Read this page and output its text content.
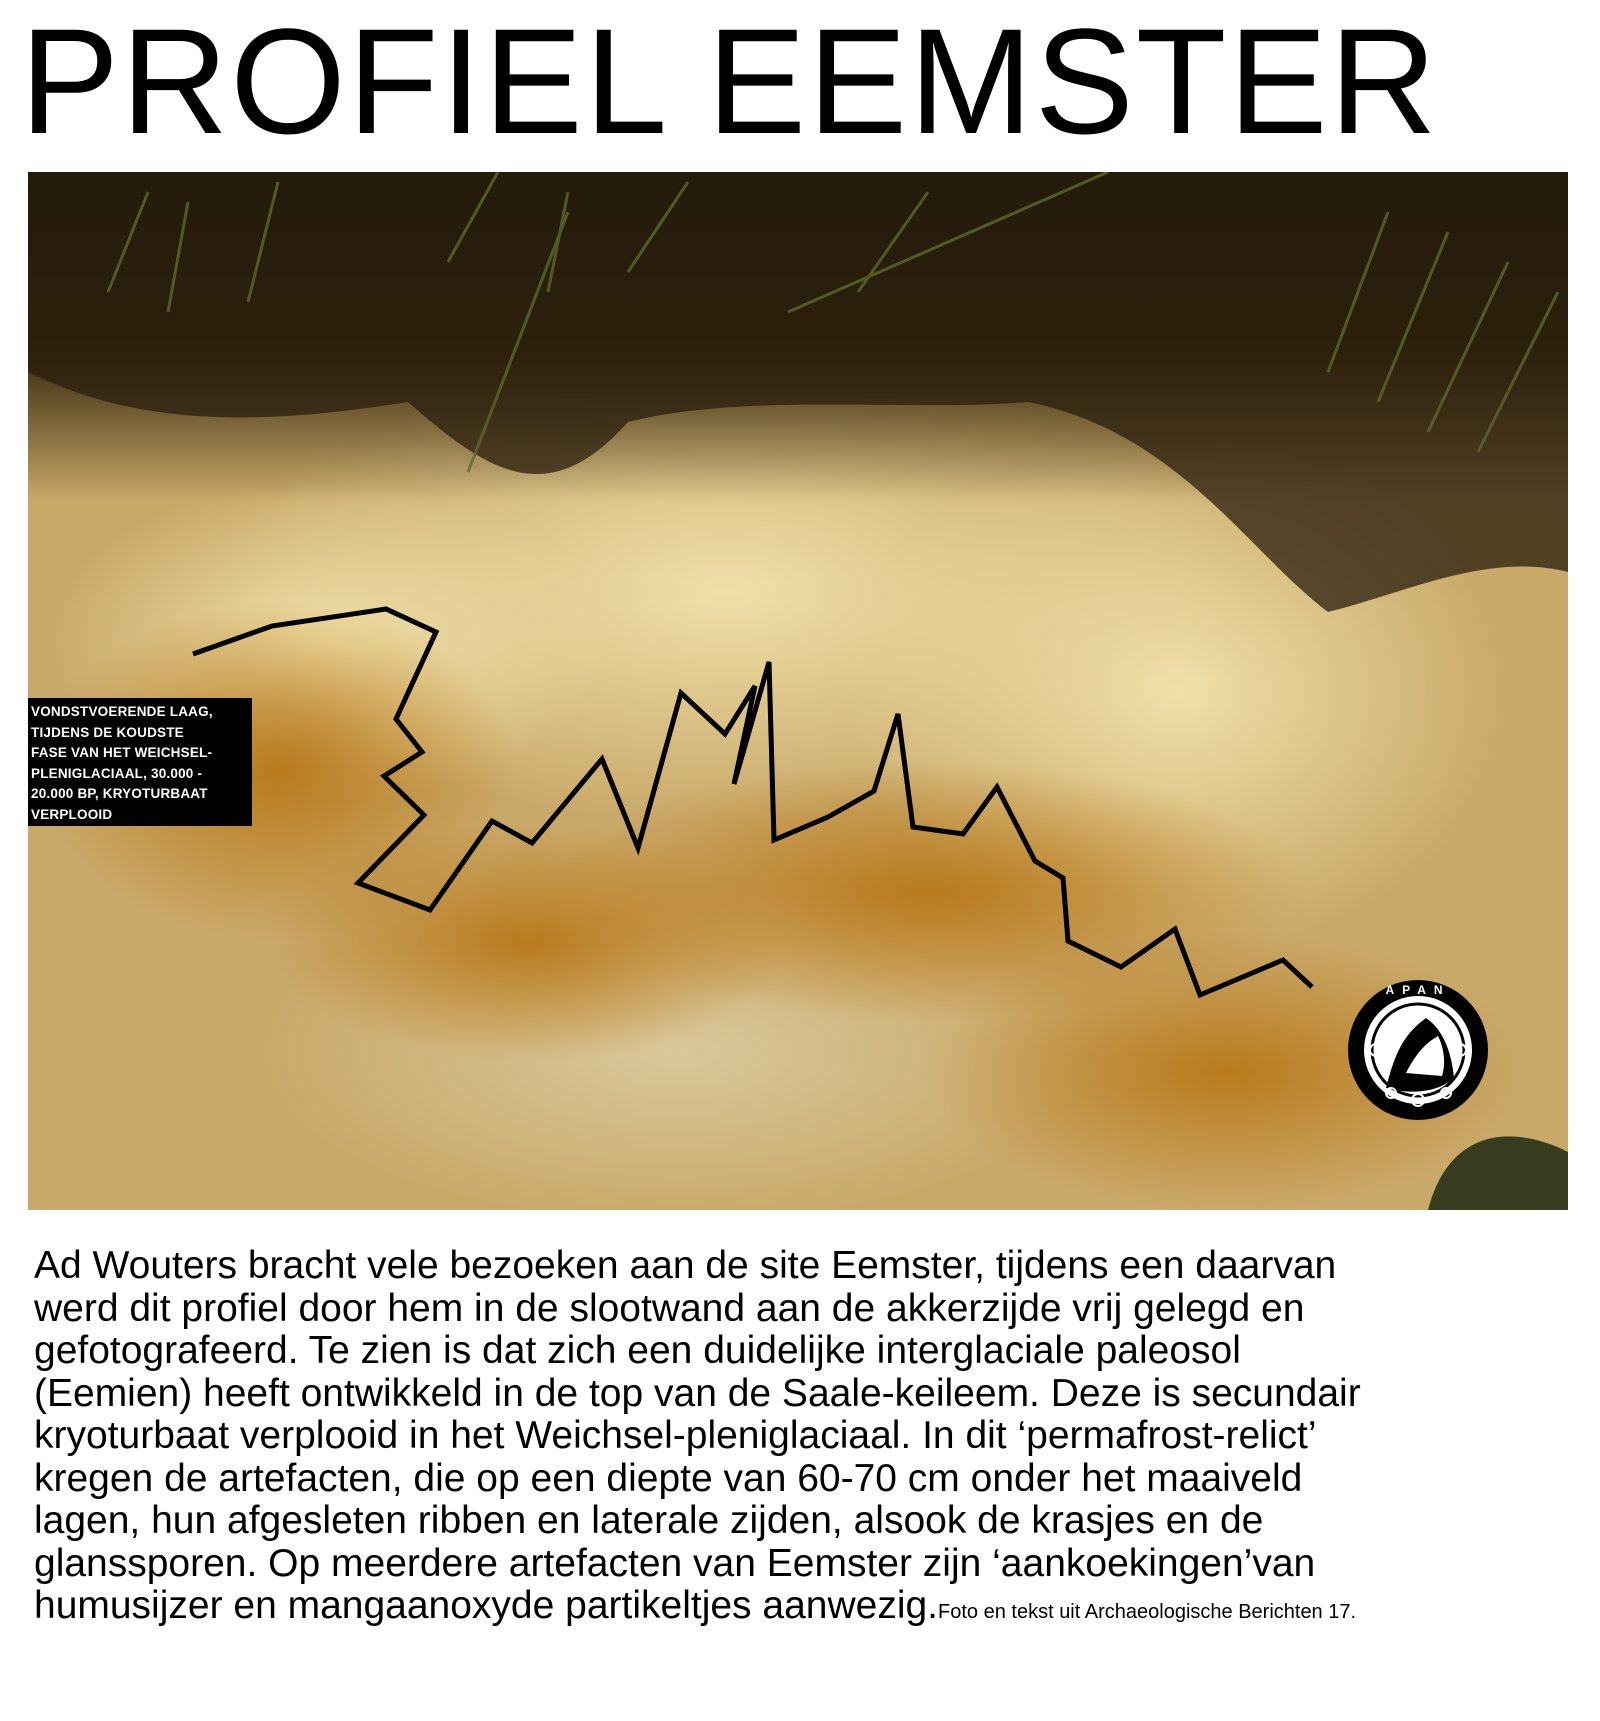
PROFIEL EEMSTER
VONDSTVOERENDE LAAG,
TIJDENS DE KOUDSTE
FASE VAN HET WEICHSEL-
PLENIGLACIAAL, 30.000 -
20.000 BP, KRYOTURBAAT
VERPLOOID
APAN
Ad Wouters bracht vele bezoeken aan de site Eemster, tijdens een daarvan
werd dit profiel door hem in de slootwand aan de akkerzijde vrij gelegd en
gefotografeerd. Te zien is dat zich een duidelijke interglaciale paleosol
(Eemien) heeft ontwikkeld in de top van de Saale-keileem. Deze is secundair
kryoturbaat verplooid in het Weichsel-pleniglaciaal. In dit ‘permafrost-relict’
kregen de artefacten, die op een diepte van 60-70 cm onder het maaiveld
lagen, hun afgesleten ribben en laterale zijden, alsook de krasjes en de
glanssporen. Op meerdere artefacten van Eemster zijn ‘aankoekingen’van
humusijzer en mangaanoxyde partikeltjes aanwezig.Foto en tekst uit Archaeologische Berichten 17.
